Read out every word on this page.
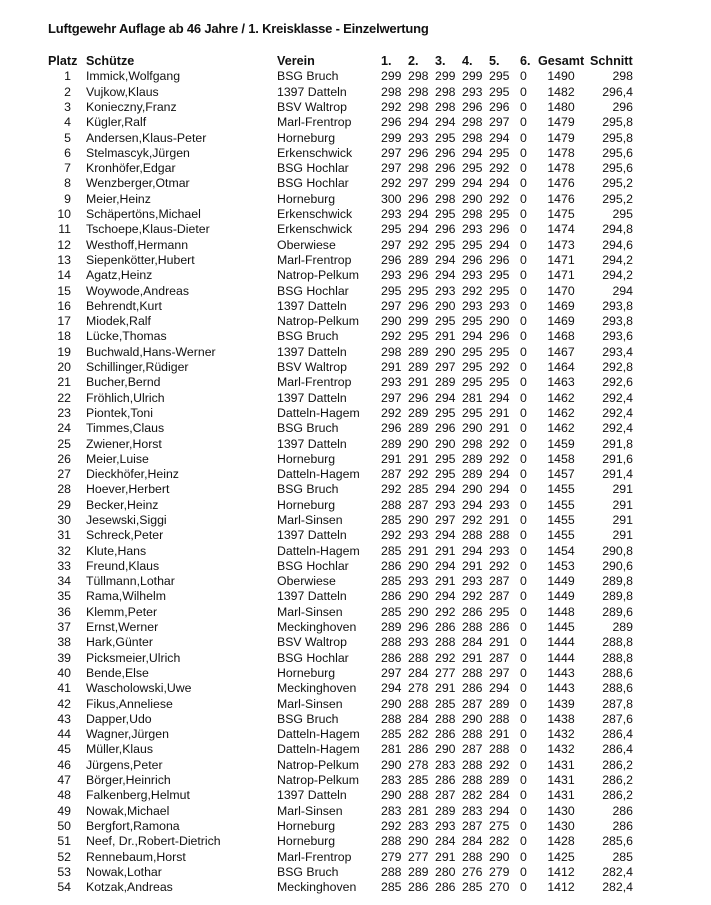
Luftgewehr Auflage ab 46 Jahre / 1. Kreisklasse - Einzelwertung
Platz Schütze	Verein	1.	2.	3.	4.	5.	6. Gesamt Schnitt
1 Immick,Wolfgang	BSG Bruch	299 298 299 299 295 0	1490	298
2 Vujkow,Klaus	1397 Datteln	298 298 298 293 295 0	1482	296,4
3 Konieczny,Franz	BSV Waltrop	292 298 298 296 296 0	1480	296
4 Kügler,Ralf	Marl-Frentrop	296 294 294 298 297 0	1479	295,8
5 Andersen,Klaus-Peter	Horneburg	299 293 295 298 294 0	1479	295,8
6 Stelmascyk,Jürgen	Erkenschwick	297 296 296 294 295 0	1478	295,6
7 Kronhöfer,Edgar	BSG Hochlar	297 298 296 295 292 0	1478	295,6
8 Wenzberger,Otmar	BSG Hochlar	292 297 299 294 294 0	1476	295,2
9 Meier,Heinz	Horneburg	300 296 298 290 292 0	1476	295,2
10 Schäpertöns,Michael	Erkenschwick	293 294 295 298 295 0	1475	295
11 Tschoepe,Klaus-Dieter	Erkenschwick	295 294 296 293 296 0	1474	294,8
12 Westhoff,Hermann	Oberwiese	297 292 295 295 294 0	1473	294,6
13 Siepenkötter,Hubert	Marl-Frentrop	296 289 294 296 296 0	1471	294,2
14 Agatz,Heinz	Natrop-Pelkum	293 296 294 293 295 0	1471	294,2
15 Woywode,Andreas	BSG Hochlar	295 295 293 292 295 0	1470	294
16 Behrendt,Kurt	1397 Datteln	297 296 290 293 293 0	1469	293,8
17 Miodek,Ralf	Natrop-Pelkum	290 299 295 295 290 0	1469	293,8
18 Lücke,Thomas	BSG Bruch	292 295 291 294 296 0	1468	293,6
19 Buchwald,Hans-Werner	1397 Datteln	298 289 290 295 295 0	1467	293,4
20 Schillinger,Rüdiger	BSV Waltrop	291 289 297 295 292 0	1464	292,8
21 Bucher,Bernd	Marl-Frentrop	293 291 289 295 295 0	1463	292,6
22 Fröhlich,Ulrich	1397 Datteln	297 296 294 281 294 0	1462	292,4
23 Piontek,Toni	Datteln-Hagem	292 289 295 295 291 0	1462	292,4
24 Timmes,Claus	BSG Bruch	296 289 296 290 291 0	1462	292,4
25 Zwiener,Horst	1397 Datteln	289 290 290 298 292 0	1459	291,8
26 Meier,Luise	Horneburg	291 291 295 289 292 0	1458	291,6
27 Dieckhöfer,Heinz	Datteln-Hagem	287 292 295 289 294 0	1457	291,4
28 Hoever,Herbert	BSG Bruch	292 285 294 290 294 0	1455	291
29 Becker,Heinz	Horneburg	288 287 293 294 293 0	1455	291
30 Jesewski,Siggi	Marl-Sinsen	285 290 297 292 291 0	1455	291
31 Schreck,Peter	1397 Datteln	292 293 294 288 288 0	1455	291
32 Klute,Hans	Datteln-Hagem	285 291 291 294 293 0	1454	290,8
33 Freund,Klaus	BSG Hochlar	286 290 294 291 292 0	1453	290,6
34 Tüllmann,Lothar	Oberwiese	285 293 291 293 287 0	1449	289,8
35 Rama,Wilhelm	1397 Datteln	286 290 294 292 287 0	1449	289,8
36 Klemm,Peter	Marl-Sinsen	285 290 292 286 295 0	1448	289,6
37 Ernst,Werner	Meckinghoven	289 296 286 288 286 0	1445	289
38 Hark,Günter	BSV Waltrop	288 293 288 284 291 0	1444	288,8
39 Picksmeier,Ulrich	BSG Hochlar	286 288 292 291 287 0	1444	288,8
40 Bende,Else	Horneburg	297 284 277 288 297 0	1443	288,6
41 Wascholowski,Uwe	Meckinghoven	294 278 291 286 294 0	1443	288,6
42 Fikus,Anneliese	Marl-Sinsen	290 288 285 287 289 0	1439	287,8
43 Dapper,Udo	BSG Bruch	288 284 288 290 288 0	1438	287,6
44 Wagner,Jürgen	Datteln-Hagem	285 282 286 288 291 0	1432	286,4
45 Müller,Klaus	Datteln-Hagem	281 286 290 287 288 0	1432	286,4
46 Jürgens,Peter	Natrop-Pelkum	290 278 283 288 292 0	1431	286,2
47 Börger,Heinrich	Natrop-Pelkum	283 285 286 288 289 0	1431	286,2
48 Falkenberg,Helmut	1397 Datteln	290 288 287 282 284 0	1431	286,2
49 Nowak,Michael	Marl-Sinsen	283 281 289 283 294 0	1430	286
50 Bergfort,Ramona	Horneburg	292 283 293 287 275 0	1430	286
51 Neef, Dr.,Robert-Dietrich	Horneburg	288 290 284 284 282 0	1428	285,6
52 Rennebaum,Horst	Marl-Frentrop	279 277 291 288 290 0	1425	285
53 Nowak,Lothar	BSG Bruch	288 289 280 276 279 0	1412	282,4
54 Kotzak,Andreas	Meckinghoven	285 286 286 285 270 0	1412	282,4
